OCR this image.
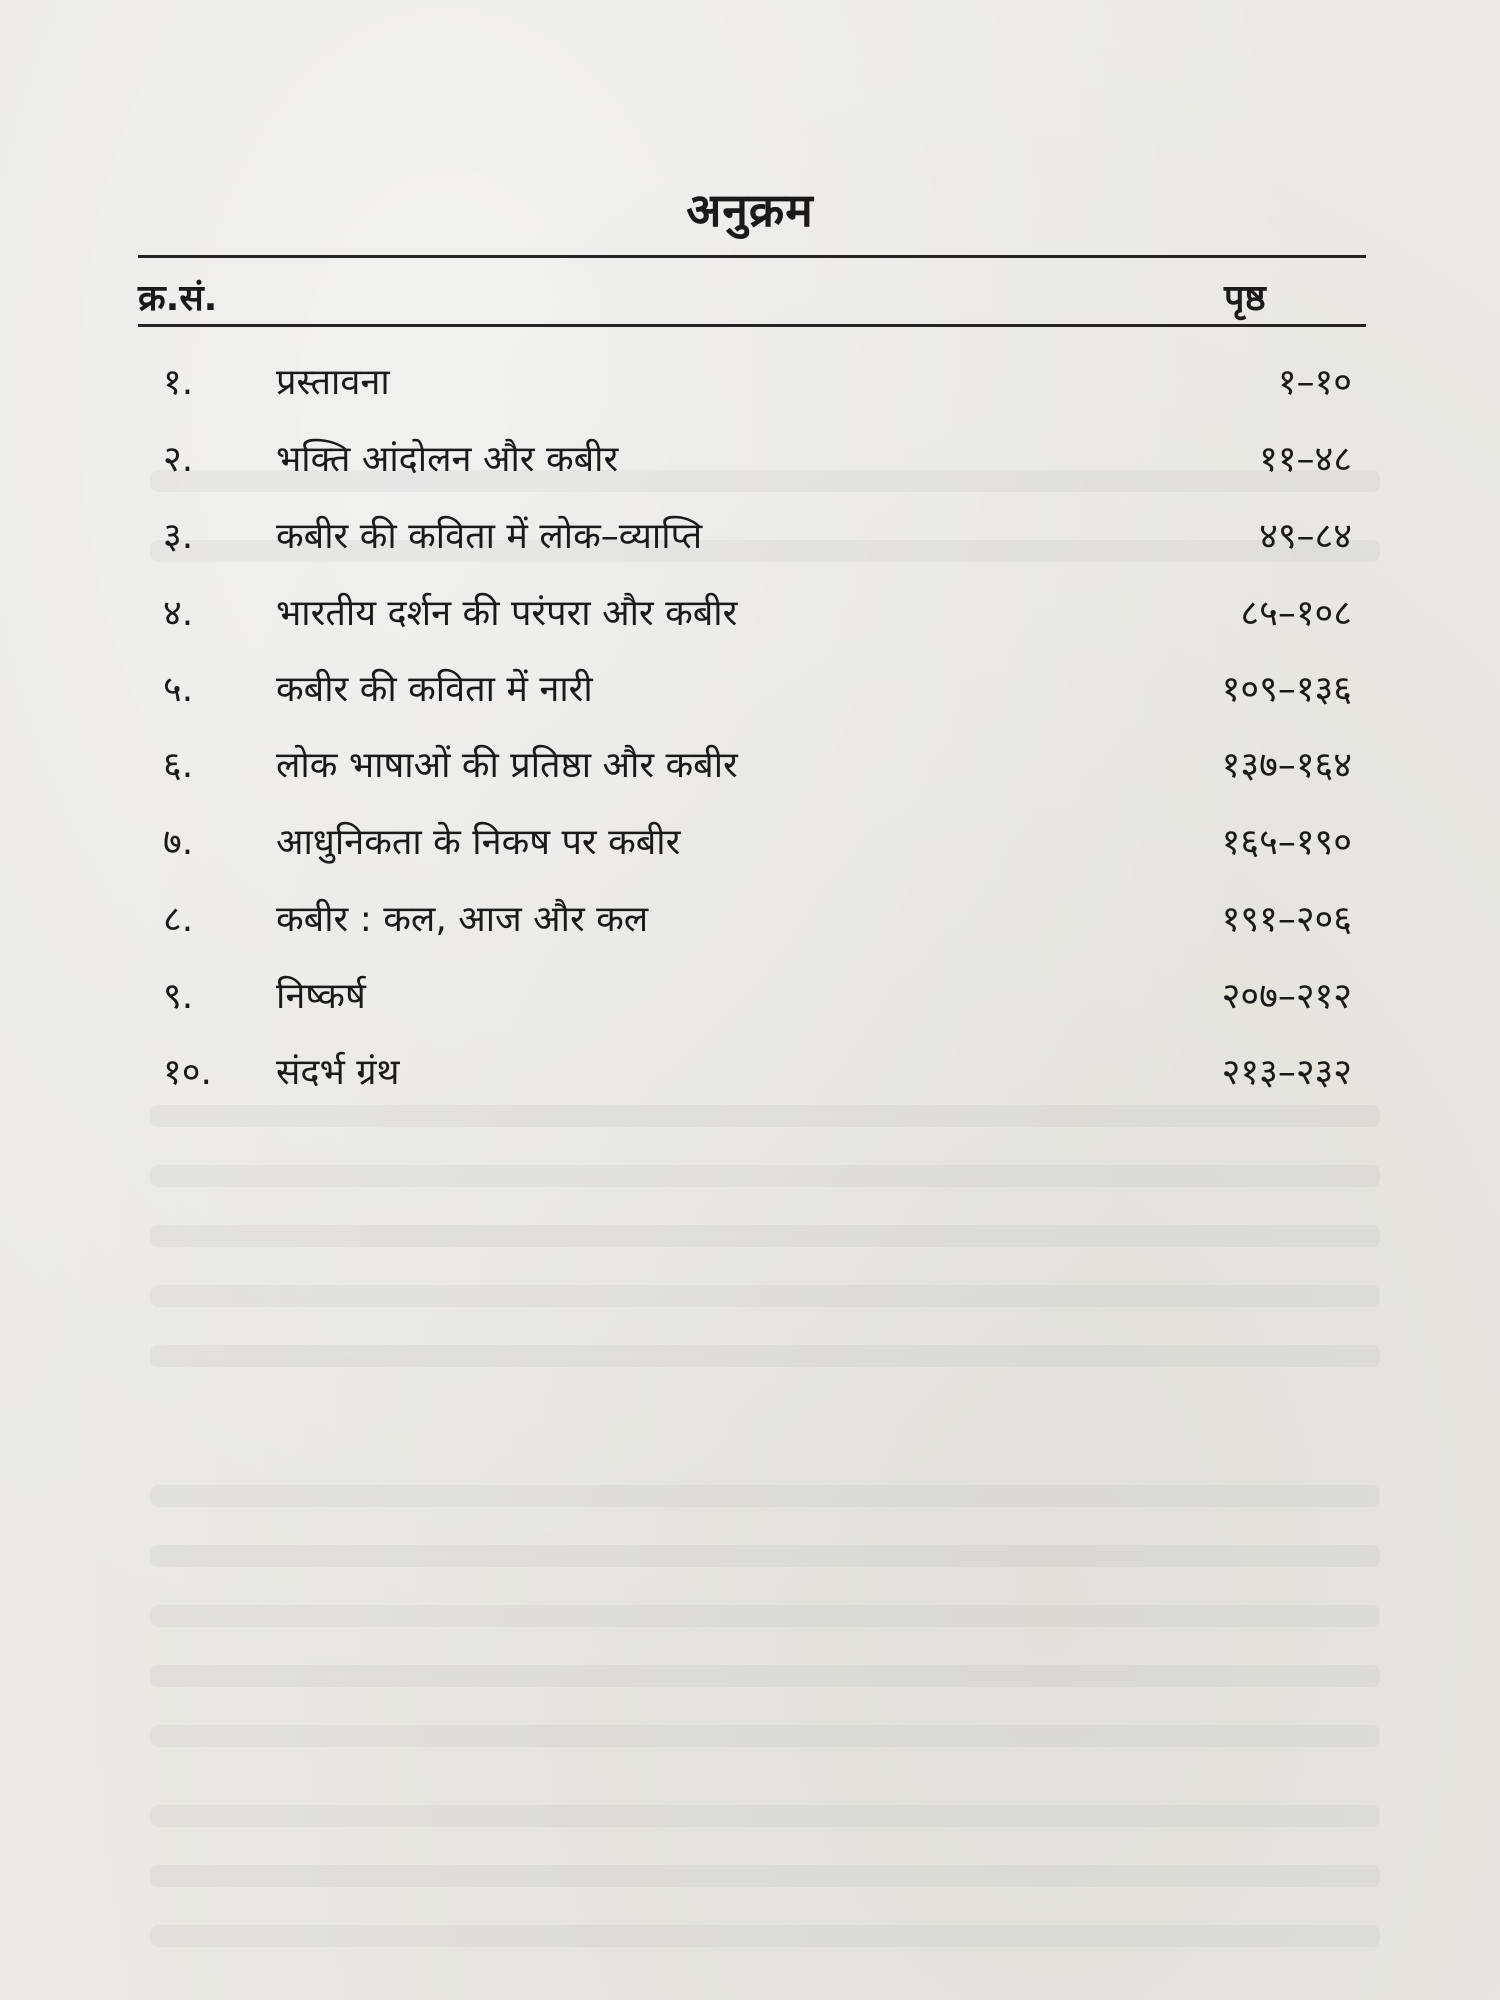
अनुक्रम
क्र.सं.	पृष्ठ
१. प्रस्तावना	१–१०
२. भक्ति आंदोलन और कबीर	११–४८
३. कबीर की कविता में लोक–व्याप्ति	४९–८४
४. भारतीय दर्शन की परंपरा और कबीर	८५–१०८
५. कबीर की कविता में नारी	१०९–१३६
६. लोक भाषाओं की प्रतिष्ठा और कबीर	१३७–१६४
७. आधुनिकता के निकष पर कबीर	१६५–१९०
८. कबीर : कल, आज और कल	१९१–२०६
९. निष्कर्ष	२०७–२१२
१०. संदर्भ ग्रंथ	२१३–२३२
